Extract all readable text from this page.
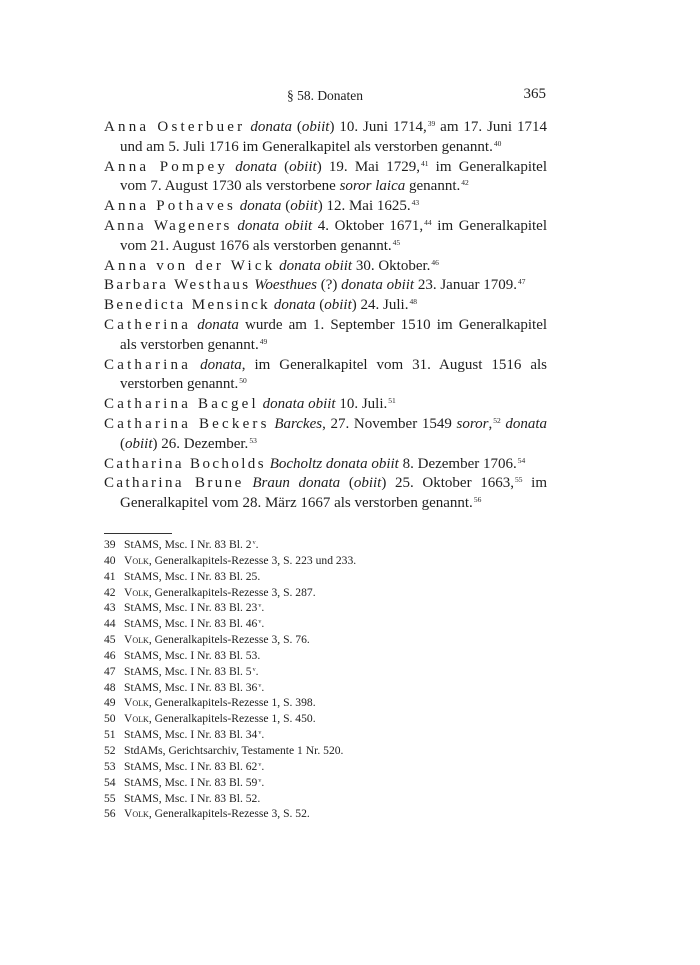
§ 58. Donaten	365

Anna Osterbuer donata (obiit) 10. Juni 1714,39 am 17. Juni 1714 und am 5. Juli 1716 im Generalkapitel als verstorben genannt.$^{40}$

Anna Pompey donata (obiit) 19. Mai 1729,41 im Generalkapitel vom 7. August 1730 als verstorbene soror laica genannt.$^{42}$

Anna Pothaves donata (obiit) 12. Mai 1625.43

Anna Wageners donata obiit 4. Oktober 1671,44 im Generalkapitel vom 21. August 1676 als verstorben genannt.$^{45}$

Anna von der Wick donata obiit 30. Oktober.$^{46}$

Barbara Westhaus Woesthues (?) donata obiit 23. Januar 1709.47

Benedicta Mensinck donata (obiit) 24. Juli.$^{48}$

Catherina donata wurde am 1. September 1510 im Generalkapitel als verstorben genannt.$^{49}$

Catharina donata, im Generalkapitel vom 31. August 1516 als verstorben genannt.$^{50}$

Catharina Bacgel donata obiit 10. Juli.$^{51}$

Catharina Beckers Barckes, 27. November 1549 soror,$^{52}$ donata (obiit) 26. Dezember.$^{53}$

Catharina Bocholds Bocholtz donata obiit 8. Dezember 1706.54

Catharina Brune Braun donata (obiit) 25. Oktober 1663,55 im Generalkapitel vom 28. März 1667 als verstorben genannt.$^{56}$

39 StAMS, Msc. I Nr. 83 Bl. 2$^v$.
40 Volk, Generalkapitels-Rezesse 3, S. 223 und 233.
41 StAMS, Msc. I Nr. 83 Bl. 25.
42 Volk, Generalkapitels-Rezesse 3, S. 287.
43 StAMS, Msc. I Nr. 83 Bl. 23$^v$.
44 StAMS, Msc. I Nr. 83 Bl. 46$^v$.
45 Volk, Generalkapitels-Rezesse 3, S. 76.
46 StAMS, Msc. I Nr. 83 Bl. 53.
47 StAMS, Msc. I Nr. 83 Bl. 5$^v$.
48 StAMS, Msc. I Nr. 83 Bl. 36$^v$.
49 Volk, Generalkapitels-Rezesse 1, S. 398.
50 Volk, Generalkapitels-Rezesse 1, S. 450.
51 StAMS, Msc. I Nr. 83 Bl. 34$^v$.
52 StdAMs, Gerichtsarchiv, Testamente 1 Nr. 520.
53 StAMS, Msc. I Nr. 83 Bl. 62$^v$.
54 StAMS, Msc. I Nr. 83 Bl. 59$^v$.
55 StAMS, Msc. I Nr. 83 Bl. 52.
56 Volk, Generalkapitels-Rezesse 3, S. 52.
